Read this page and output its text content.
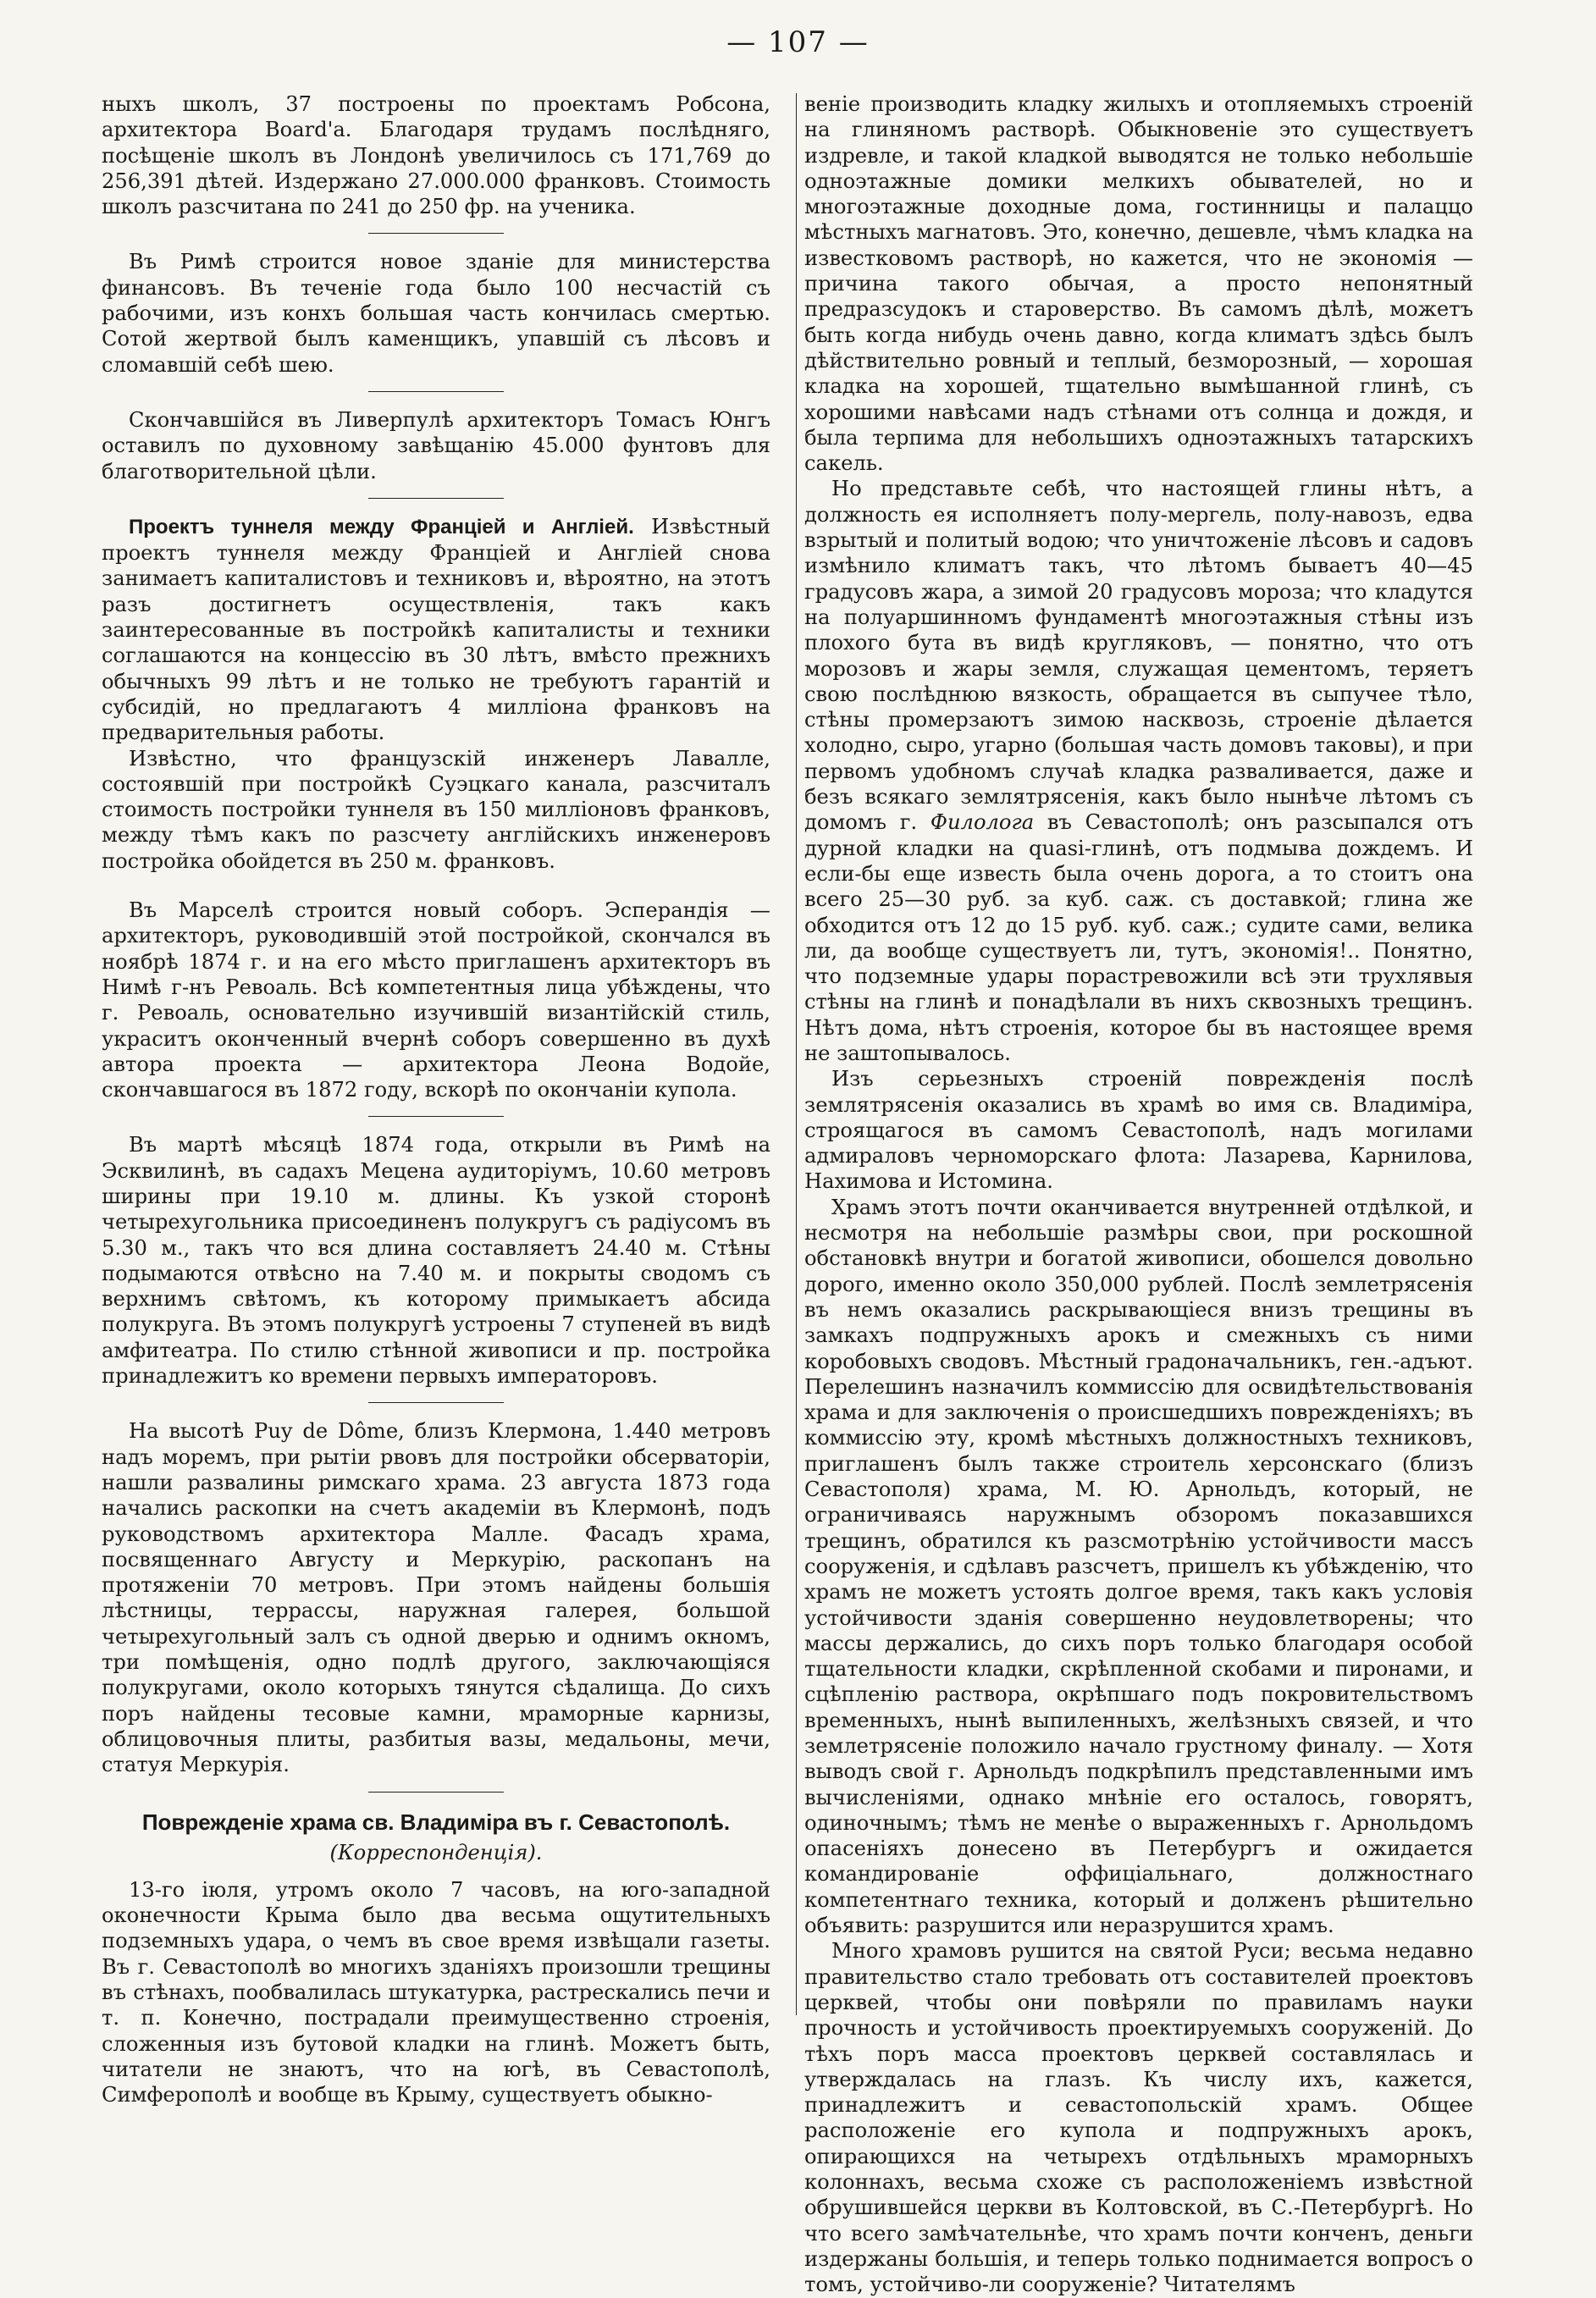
— 107 —

ныхъ школъ, 37 построены по проектамъ Робсона, архитектора Board'а. Благодаря трудамъ послѣдняго, посѣщеніе школъ въ Лондонѣ увеличилось съ 171,769 до 256,391 дѣтей. Издержано 27.000.000 франковъ. Стоимость школъ разсчитана по 241 до 250 фр. на ученика.

Въ Римѣ строится новое зданіе для министерства финансовъ. Въ теченіе года было 100 несчастій съ рабочими, изъ конхъ большая часть кончилась смертью. Сотой жертвой былъ каменщикъ, упавшій съ лѣсовъ и сломавшій себѣ шею.

Скончавшійся въ Ливерпулѣ архитекторъ Томасъ Юнгъ оставилъ по духовному завѣщанію 45.000 фунтовъ для благотворительной цѣли.

Проектъ туннеля между Франціей и Англіей. Извѣстный проектъ туннеля между Франціей и Англіей снова занимаетъ капиталистовъ и техниковъ и, вѣроятно, на этотъ разъ достигнетъ осуществленія, такъ какъ заинтересованные въ постройкѣ капиталисты и техники соглашаются на концессію въ 30 лѣтъ, вмѣсто прежнихъ обычныхъ 99 лѣтъ и не только не требуютъ гарантій и субсидій, но предлагаютъ 4 милліона франковъ на предварительныя работы.

Извѣстно, что французскій инженеръ Лавалле, состоявшій при постройкѣ Суэцкаго канала, разсчиталъ стоимость постройки туннеля въ 150 милліоновъ франковъ, между тѣмъ какъ по разсчету англійскихъ инженеровъ постройка обойдется въ 250 м. франковъ.

Въ Марселѣ строится новый соборъ. Эсперандія — архитекторъ, руководившій этой постройкой, скончался въ ноябрѣ 1874 г. и на его мѣсто приглашенъ архитекторъ въ Нимѣ г-нъ Ревоаль. Всѣ компетентныя лица убѣждены, что г. Ревоаль, основательно изучившій византійскій стиль, украситъ оконченный вчернѣ соборъ совершенно въ духѣ автора проекта — архитектора Леона Водойе, скончавшагося въ 1872 году, вскорѣ по окончаніи купола.

Въ мартѣ мѣсяцѣ 1874 года, открыли въ Римѣ на Эсквилинѣ, въ садахъ Мецена аудиторіумъ, 10.60 метровъ ширины при 19.10 м. длины. Къ узкой сторонѣ четырехугольника присоединенъ полукругъ съ радіусомъ въ 5.30 м., такъ что вся длина составляетъ 24.40 м. Стѣны подымаются отвѣсно на 7.40 м. и покрыты сводомъ съ верхнимъ свѣтомъ, къ которому примыкаетъ абсида полукруга. Въ этомъ полукругѣ устроены 7 ступеней въ видѣ амфитеатра. По стилю стѣнной живописи и пр. постройка принадлежитъ ко времени первыхъ императоровъ.

На высотѣ Puy de Dôme, близъ Клермона, 1.440 метровъ надъ моремъ, при рытіи рвовъ для постройки обсерваторіи, нашли развалины римскаго храма. 23 августа 1873 года начались раскопки на счетъ академіи въ Клермонѣ, подъ руководствомъ архитектора Малле. Фасадъ храма, посвященнаго Августу и Меркурію, раскопанъ на протяженіи 70 метровъ. При этомъ найдены большія лѣстницы, террассы, наружная галерея, большой четырехугольный залъ съ одной дверью и однимъ окномъ, три помѣщенія, одно подлѣ другого, заключающіяся полукругами, около которыхъ тянутся сѣдалища. До сихъ поръ найдены тесовые камни, мраморные карнизы, облицовочныя плиты, разбитыя вазы, медальоны, мечи, статуя Меркурія.

Поврежденіе храма св. Владиміра въ г. Севастополѣ.

(Корреспонденція).

13-го іюля, утромъ около 7 часовъ, на юго-западной оконечности Крыма было два весьма ощутительныхъ подземныхъ удара, о чемъ въ свое время извѣщали газеты. Въ г. Севастополѣ во многихъ зданіяхъ произошли трещины въ стѣнахъ, пообвалилась штукатурка, растрескались печи и т. п. Конечно, пострадали преимущественно строенія, сложенныя изъ бутовой кладки на глинѣ. Можетъ быть, читатели не знаютъ, что на югѣ, въ Севастополѣ, Симферополѣ и вообще въ Крыму, существуетъ обыкно-

веніе производить кладку жилыхъ и отопляемыхъ строеній на глиняномъ растворѣ. Обыкновеніе это существуетъ издревле, и такой кладкой выводятся не только небольшіе одноэтажные домики мелкихъ обывателей, но и многоэтажные доходные дома, гостинницы и палаццо мѣстныхъ магнатовъ. Это, конечно, дешевле, чѣмъ кладка на известковомъ растворѣ, но кажется, что не экономія — причина такого обычая, а просто непонятный предразсудокъ и староверство. Въ самомъ дѣлѣ, можетъ быть когда нибудь очень давно, когда климатъ здѣсь былъ дѣйствительно ровный и теплый, безморозный, — хорошая кладка на хорошей, тщательно вымѣшанной глинѣ, съ хорошими навѣсами надъ стѣнами отъ солнца и дождя, и была терпима для небольшихъ одноэтажныхъ татарскихъ сакель.

Но представьте себѣ, что настоящей глины нѣтъ, а должность ея исполняетъ полу-мергель, полу-навозъ, едва взрытый и политый водою; что уничтоженіе лѣсовъ и садовъ измѣнило климатъ такъ, что лѣтомъ бываетъ 40—45 градусовъ жара, а зимой 20 градусовъ мороза; что кладутся на полуаршинномъ фундаментѣ многоэтажныя стѣны изъ плохого бута въ видѣ кругляковъ, — понятно, что отъ морозовъ и жары земля, служащая цементомъ, теряетъ свою послѣднюю вязкость, обращается въ сыпучее тѣло, стѣны промерзаютъ зимою насквозь, строеніе дѣлается холодно, сыро, угарно (большая часть домовъ таковы), и при первомъ удобномъ случаѣ кладка разваливается, даже и безъ всякаго землятрясенія, какъ было нынѣче лѣтомъ съ домомъ г. Филолога въ Севастополѣ; онъ разсыпался отъ дурной кладки на quasi-глинѣ, отъ подмыва дождемъ. И если-бы еще известь была очень дорога, а то стоитъ она всего 25—30 руб. за куб. саж. съ доставкой; глина же обходится отъ 12 до 15 руб. куб. саж.; судите сами, велика ли, да вообще существуетъ ли, тутъ, экономія!.. Понятно, что подземные удары порастревожили всѣ эти трухлявыя стѣны на глинѣ и понадѣлали въ нихъ сквозныхъ трещинъ. Нѣтъ дома, нѣтъ строенія, которое бы въ настоящее время не заштопывалось.

Изъ серьезныхъ строеній поврежденія послѣ землятрясенія оказались въ храмѣ во имя св. Владиміра, строящагося въ самомъ Севастополѣ, надъ могилами адмираловъ черноморскаго флота: Лазарева, Карнилова, Нахимова и Истомина.

Храмъ этотъ почти оканчивается внутренней отдѣлкой, и несмотря на небольшіе размѣры свои, при роскошной обстановкѣ внутри и богатой живописи, обошелся довольно дорого, именно около 350,000 рублей. Послѣ землетрясенія въ немъ оказались раскрывающіеся внизъ трещины въ замкахъ подпружныхъ арокъ и смежныхъ съ ними коробовыхъ сводовъ. Мѣстный градоначальникъ, ген.-адъют. Перелешинъ назначилъ коммиссію для освидѣтельствованія храма и для заключенія о происшедшихъ поврежденіяхъ; въ коммиссію эту, кромѣ мѣстныхъ должностныхъ техниковъ, приглашенъ былъ также строитель херсонскаго (близъ Севастополя) храма, М. Ю. Арнольдъ, который, не ограничиваясь наружнымъ обзоромъ показавшихся трещинъ, обратился къ разсмотрѣнію устойчивости массъ сооруженія, и сдѣлавъ разсчетъ, пришелъ къ убѣжденію, что храмъ не можетъ устоять долгое время, такъ какъ условія устойчивости зданія совершенно неудовлетворены; что массы держались, до сихъ поръ только благодаря особой тщательности кладки, скрѣпленной скобами и пиронами, и сцѣпленію раствора, окрѣпшаго подъ покровительствомъ временныхъ, нынѣ выпиленныхъ, желѣзныхъ связей, и что землетрясеніе положило начало грустному финалу. — Хотя выводъ свой г. Арнольдъ подкрѣпилъ представленными имъ вычисленіями, однако мнѣніе его осталось, говорятъ, одиночнымъ; тѣмъ не менѣе о выраженныхъ г. Арнольдомъ опасеніяхъ донесено въ Петербургъ и ожидается командированіе оффиціальнаго, должностнаго компетентнаго техника, который и долженъ рѣшительно объявить: разрушится или неразрушится храмъ.

Много храмовъ рушится на святой Руси; весьма недавно правительство стало требовать отъ составителей проектовъ церквей, чтобы они повѣряли по правиламъ науки прочность и устойчивость проектируемыхъ сооруженій. До тѣхъ поръ масса проектовъ церквей составлялась и утверждалась на глазъ. Къ числу ихъ, кажется, принадлежитъ и севастопольскій храмъ. Общее расположеніе его купола и подпружныхъ арокъ, опирающихся на четырехъ отдѣльныхъ мраморныхъ колоннахъ, весьма схоже съ расположеніемъ извѣстной обрушившейся церкви въ Колтовской, въ С.-Петербургѣ. Но что всего замѣчательнѣе, что храмъ почти конченъ, деньги издержаны большія, и теперь только поднимается вопросъ о томъ, устойчиво-ли сооруженіе? Читателямъ
